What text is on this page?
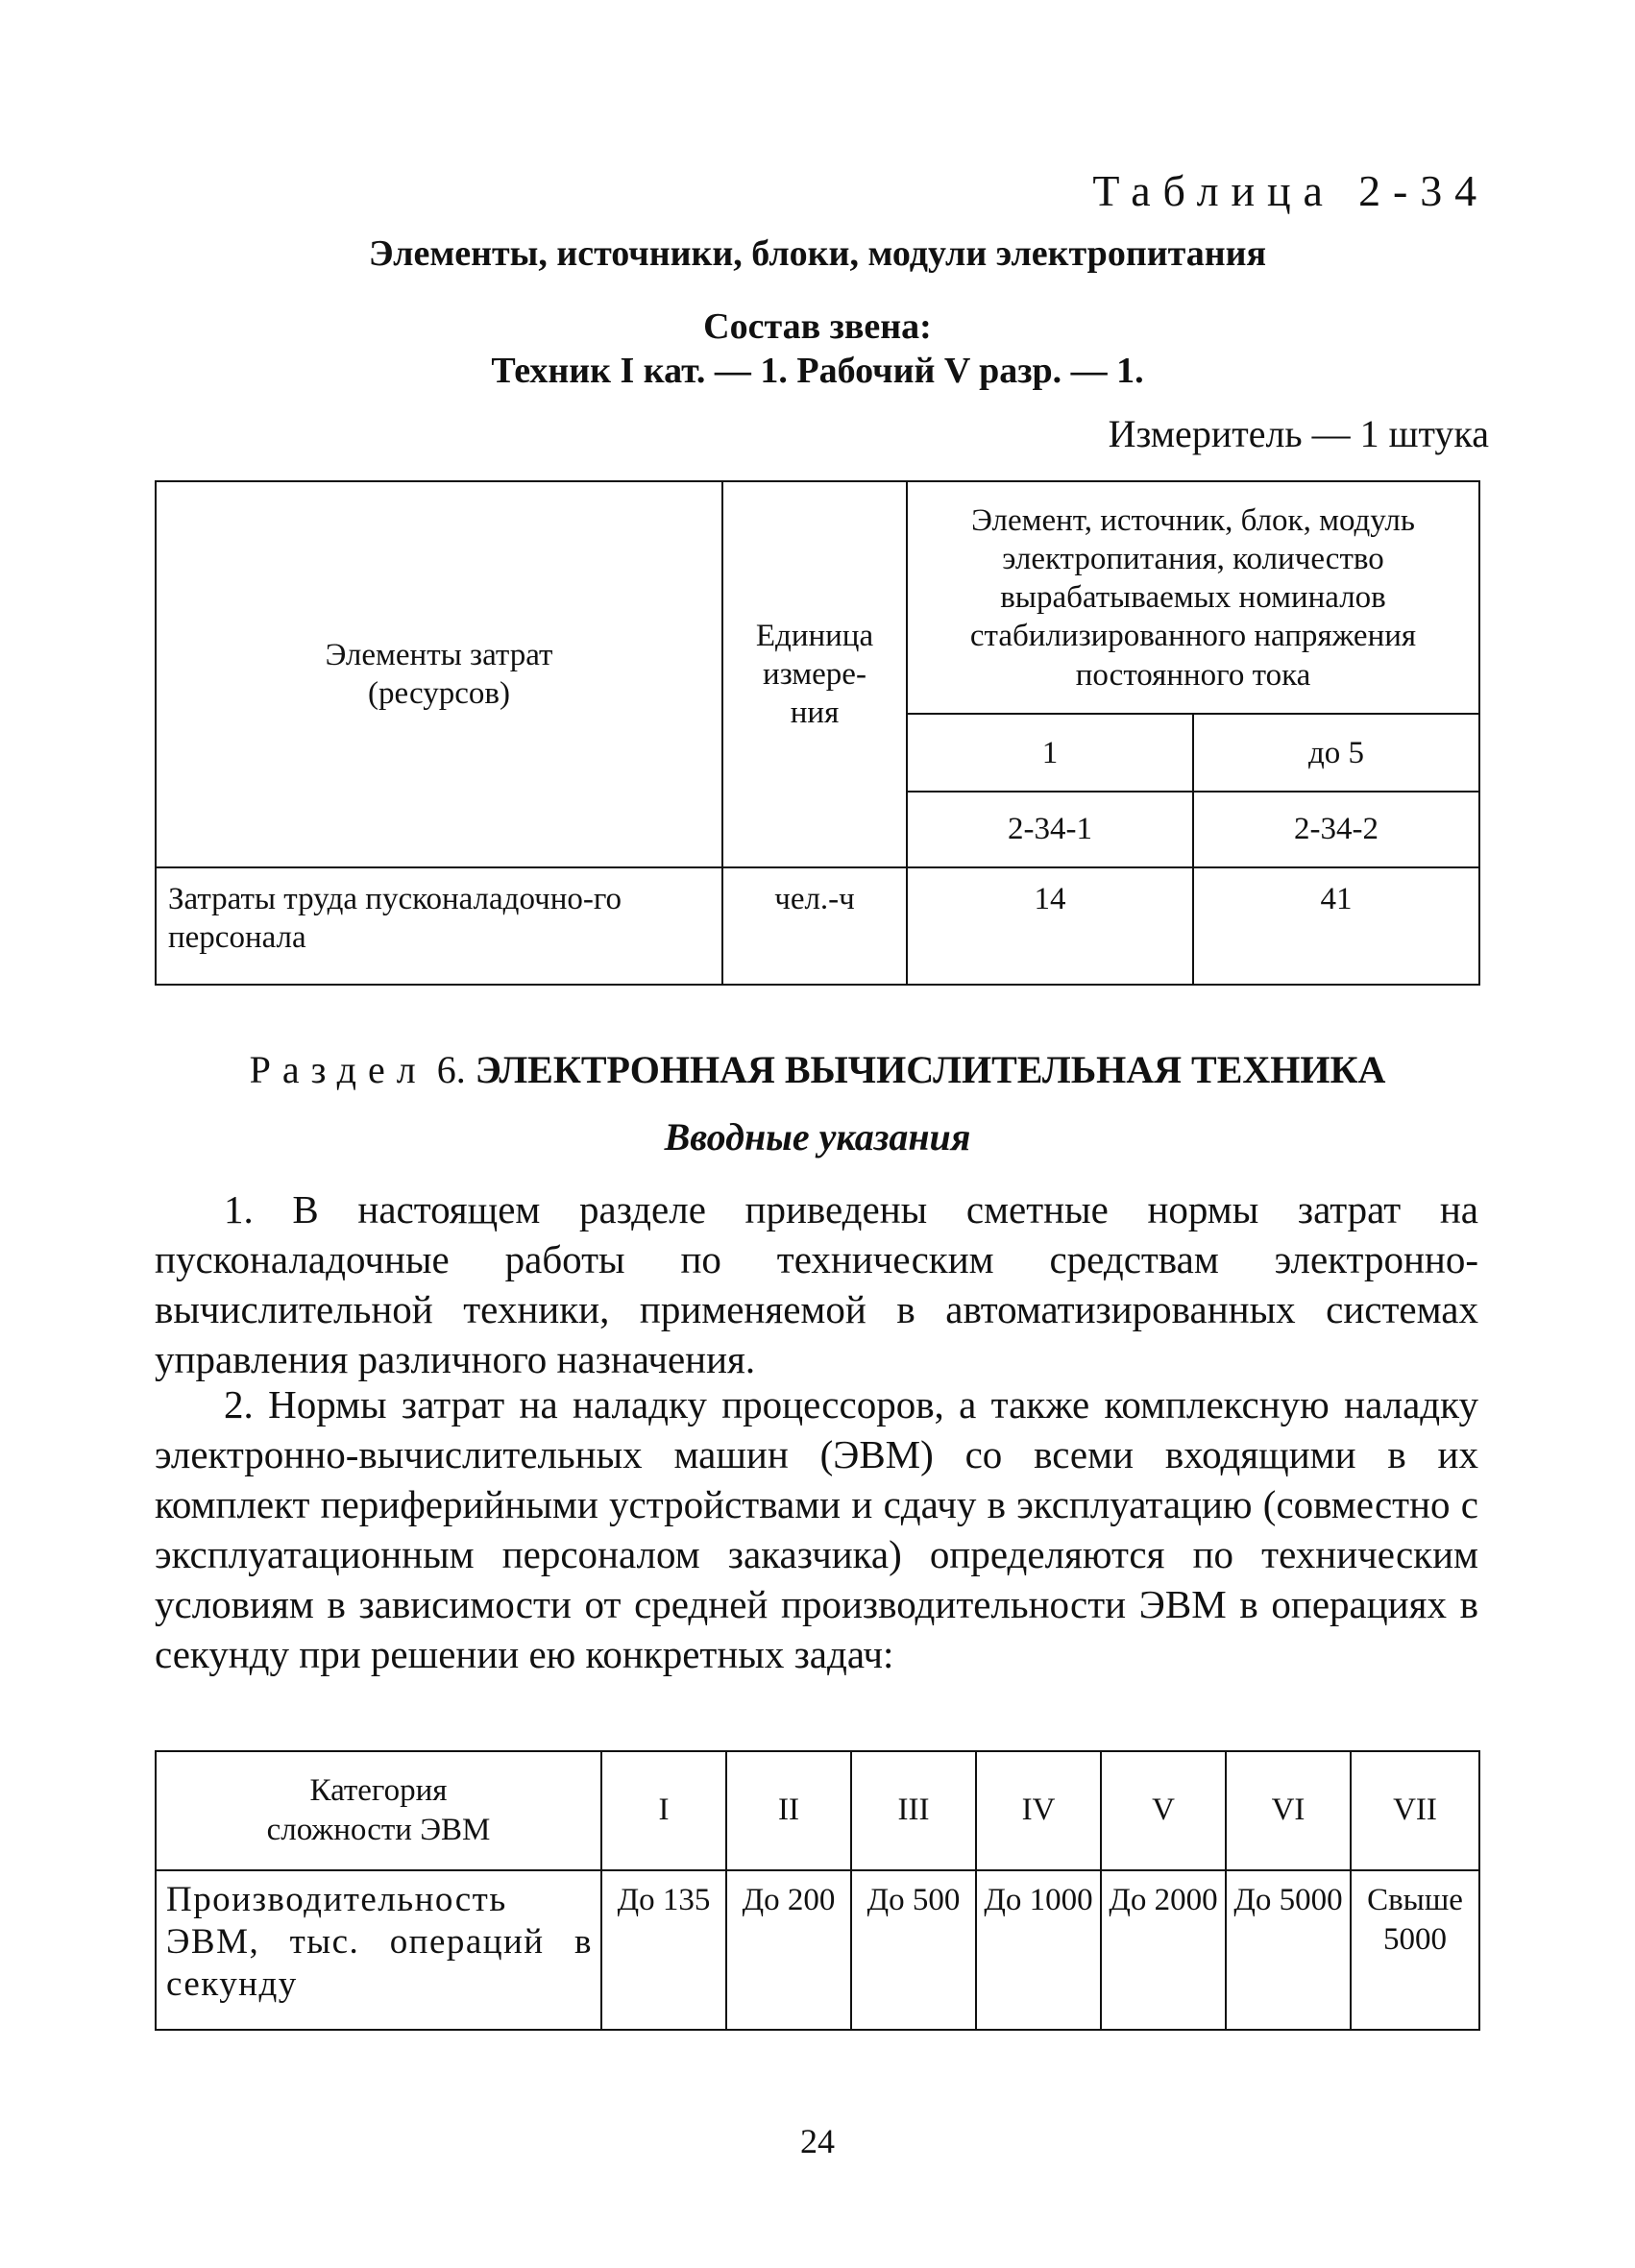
Таблица 2-34
Элементы, источники, блоки, модули электропитания
Состав звена:
Техник I кат. — 1. Рабочий V разр. — 1.
Измеритель — 1 штука
Элементы затрат (ресурсов)	Единица измере-ния	Элемент, источник, блок, модуль электропитания, количество вырабатываемых номиналов стабилизированного напряжения постоянного тока	

		1	до 5
		2-34-1	2-34-2
Затраты труда пусконаладочно-го персонала	чел.-ч	14	41
Раздел 6. ЭЛЕКТРОННАЯ ВЫЧИСЛИТЕЛЬНАЯ ТЕХНИКА
Вводные указания
1. В настоящем разделе приведены сметные нормы затрат на пусконаладочные работы по техническим средствам электронно-вычислительной техники, применяемой в автоматизированных системах управления различного назначения.
2. Нормы затрат на наладку процессоров, а также комплексную наладку электронно-вычислительных машин (ЭВМ) со всеми входящими в их комплект периферийными устройствами и сдачу в эксплуатацию (совместно с эксплуатационным персоналом заказчика) определяются по техническим условиям в зависимости от средней производительности ЭВМ в операциях в секунду при решении ею конкретных задач:
Категория сложности ЭВМ	I	II	III	IV	V	VI	VII
Производительность ЭВМ, тыс. операций в секунду	До 135	До 200	До 500	До 1000	До 2000	До 5000	Свыше 5000
24
